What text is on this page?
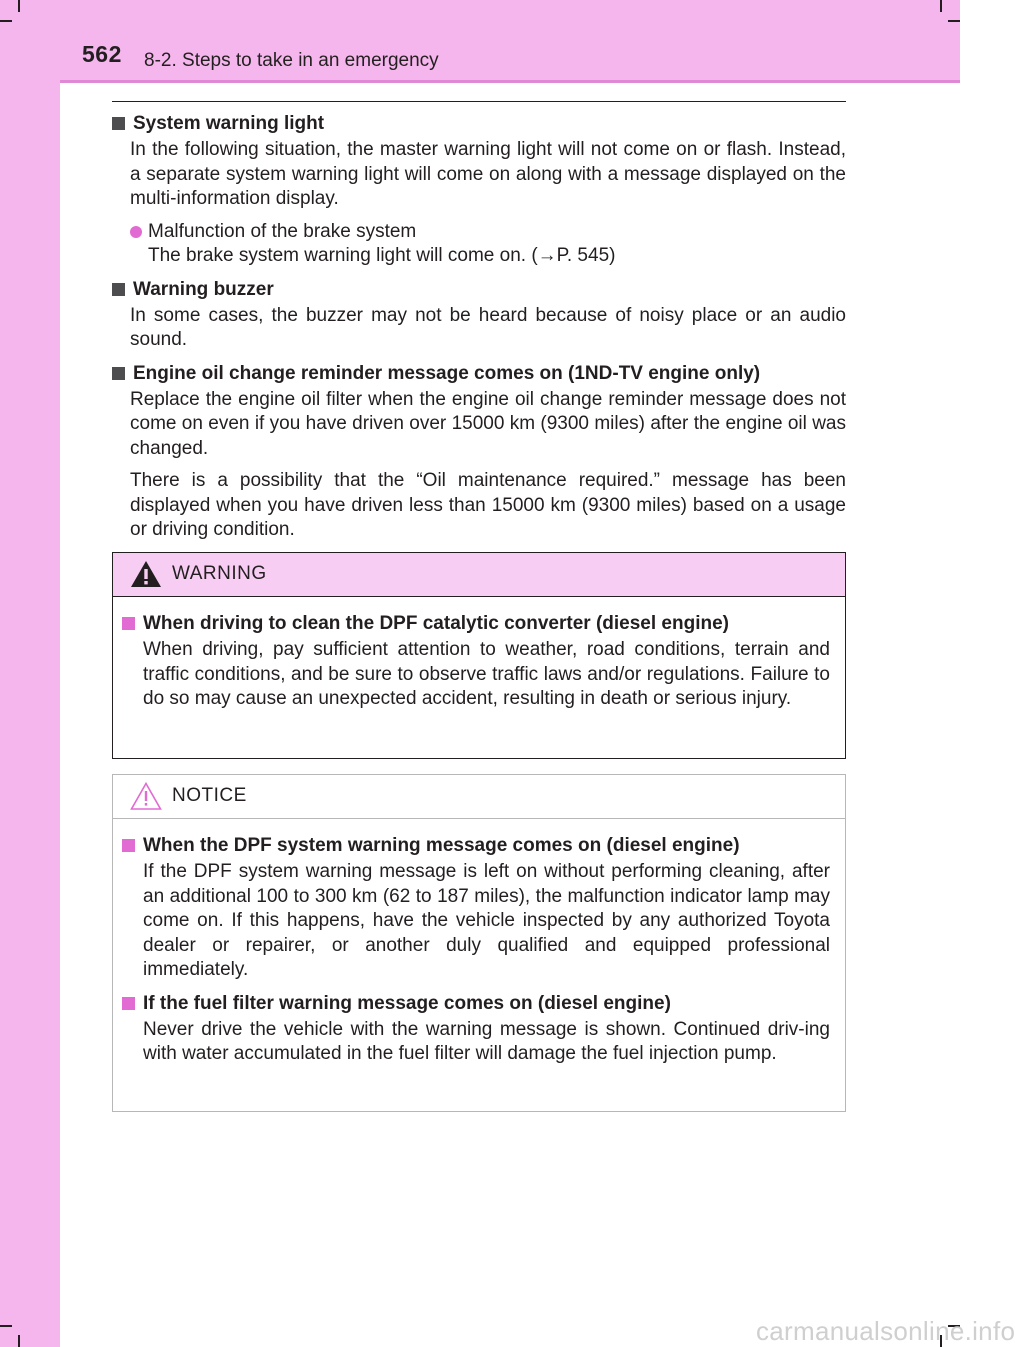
562 8-2. Steps to take in an emergency
System warning light
In the following situation, the master warning light will not come on or flash. Instead, a separate system warning light will come on along with a message displayed on the multi-information display.
Malfunction of the brake system
The brake system warning light will come on. (→P. 545)
Warning buzzer
In some cases, the buzzer may not be heard because of noisy place or an audio sound.
Engine oil change reminder message comes on (1ND-TV engine only)
Replace the engine oil filter when the engine oil change reminder message does not come on even if you have driven over 15000 km (9300 miles) after the engine oil was changed.
There is a possibility that the “Oil maintenance required.” message has been displayed when you have driven less than 15000 km (9300 miles) based on a usage or driving condition.
WARNING
When driving to clean the DPF catalytic converter (diesel engine)
When driving, pay sufficient attention to weather, road conditions, terrain and traffic conditions, and be sure to observe traffic laws and/or regulations. Failure to do so may cause an unexpected accident, resulting in death or serious injury.
NOTICE
When the DPF system warning message comes on (diesel engine)
If the DPF system warning message is left on without performing cleaning, after an additional 100 to 300 km (62 to 187 miles), the malfunction indicator lamp may come on. If this happens, have the vehicle inspected by any authorized Toyota dealer or repairer, or another duly qualified and equipped professional immediately.
If the fuel filter warning message comes on (diesel engine)
Never drive the vehicle with the warning message is shown. Continued driv-ing with water accumulated in the fuel filter will damage the fuel injection pump.
carmanualsonline.info
